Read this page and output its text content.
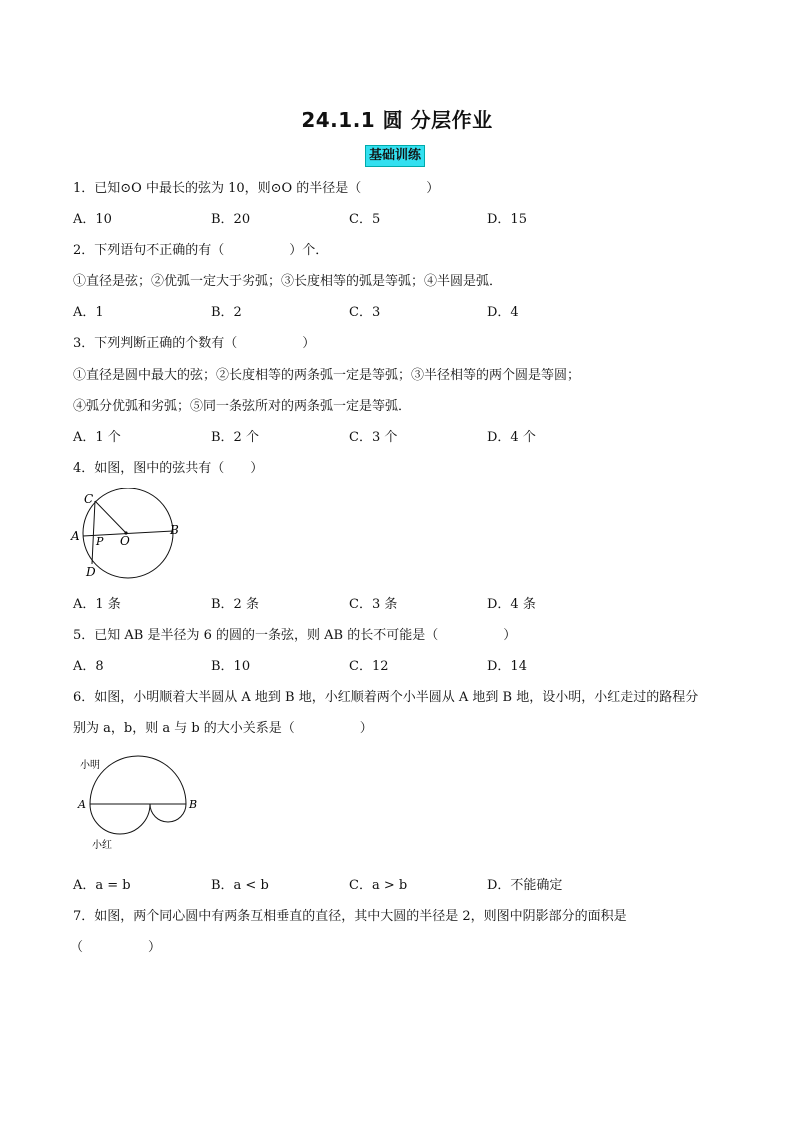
24.1.1 圆 分层作业
基础训练
1．已知⊙O 中最长的弦为 10，则⊙O 的半径是（　　　　　）
A．10	B．20	C．5	D．15
2．下列语句不正确的有（　　　　　）个．
①直径是弦；②优弧一定大于劣弧；③长度相等的弧是等弧；④半圆是弧．
A．1	B．2	C．3	D．4
3．下列判断正确的个数有（　　　　　）
①直径是圆中最大的弦；②长度相等的两条弧一定是等弧；③半径相等的两个圆是等圆；
④弧分优弧和劣弧；⑤同一条弦所对的两条弧一定是等弧．
A．1 个	B．2 个	C．3 个	D．4 个
4．如图，图中的弦共有（　　）
C
A P O
B
D
A．1 条	B．2 条	C．3 条	D．4 条
5．已知 AB 是半径为 6 的圆的一条弦，则 AB 的长不可能是（　　　　　）
A．8	B．10	C．12	D．14
6．如图，小明顺着大半圆从 A 地到 B 地，小红顺着两个小半圆从 A 地到 B 地，设小明，小红走过的路程分
别为 a，b，则 a 与 b 的大小关系是（　　　　　）
小明
A	B
小红
A．a = b	B．a < b	C．a > b	D．不能确定
7．如图，两个同心圆中有两条互相垂直的直径，其中大圆的半径是 2，则图中阴影部分的面积是
（　　　　　）
